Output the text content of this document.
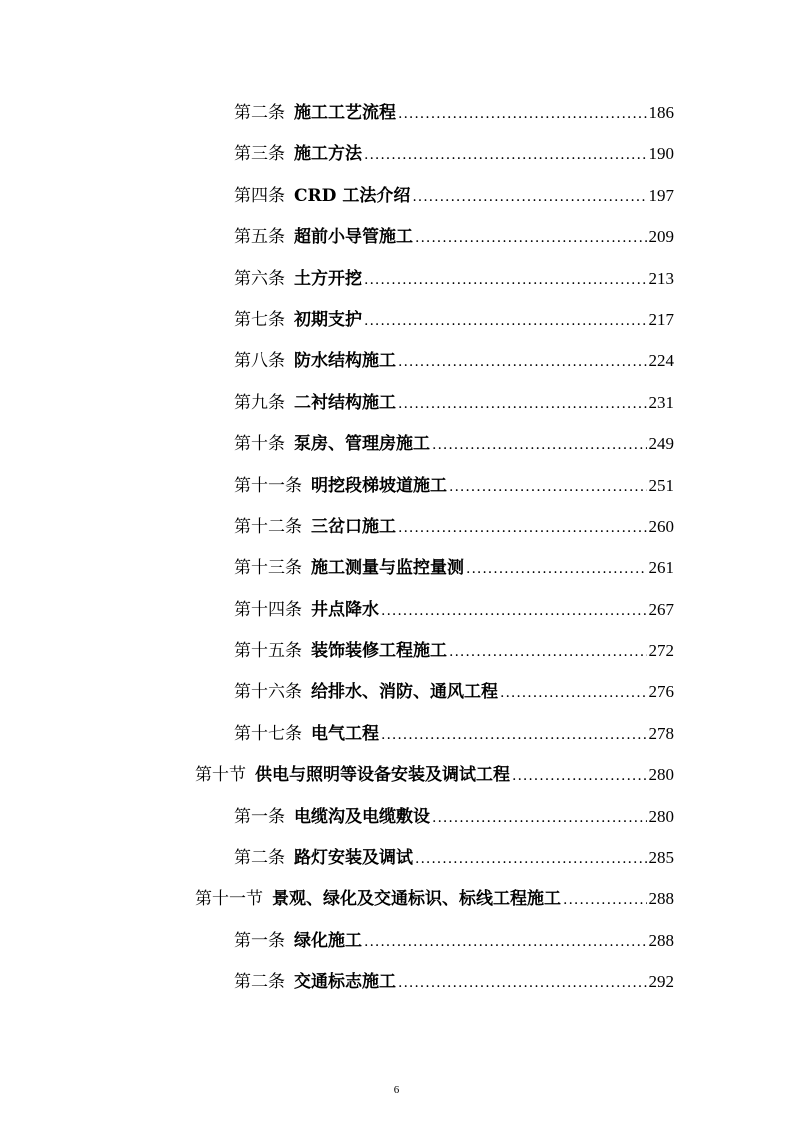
第二条 施工工艺流程 .....	186
第三条 施工方法 .....	190
第四条 CRD 工法介绍 .....	197
第五条 超前小导管施工 .....	209
第六条 土方开挖 .....	213
第七条 初期支护 .....	217
第八条 防水结构施工 .....	224
第九条 二衬结构施工 .....	231
第十条 泵房、管理房施工 .....	249
第十一条 明挖段梯坡道施工 .....	251
第十二条 三岔口施工 .....	260
第十三条 施工测量与监控量测 .....	261
第十四条 井点降水 .....	267
第十五条 装饰装修工程施工 .....	272
第十六条 给排水、消防、通风工程 .....	276
第十七条 电气工程 .....	278
第十节 供电与照明等设备安装及调试工程 .....	280
第一条 电缆沟及电缆敷设 .....	280
第二条 路灯安装及调试 .....	285
第十一节 景观、绿化及交通标识、标线工程施工 .....	288
第一条 绿化施工 .....	288
第二条 交通标志施工 .....	292
6
